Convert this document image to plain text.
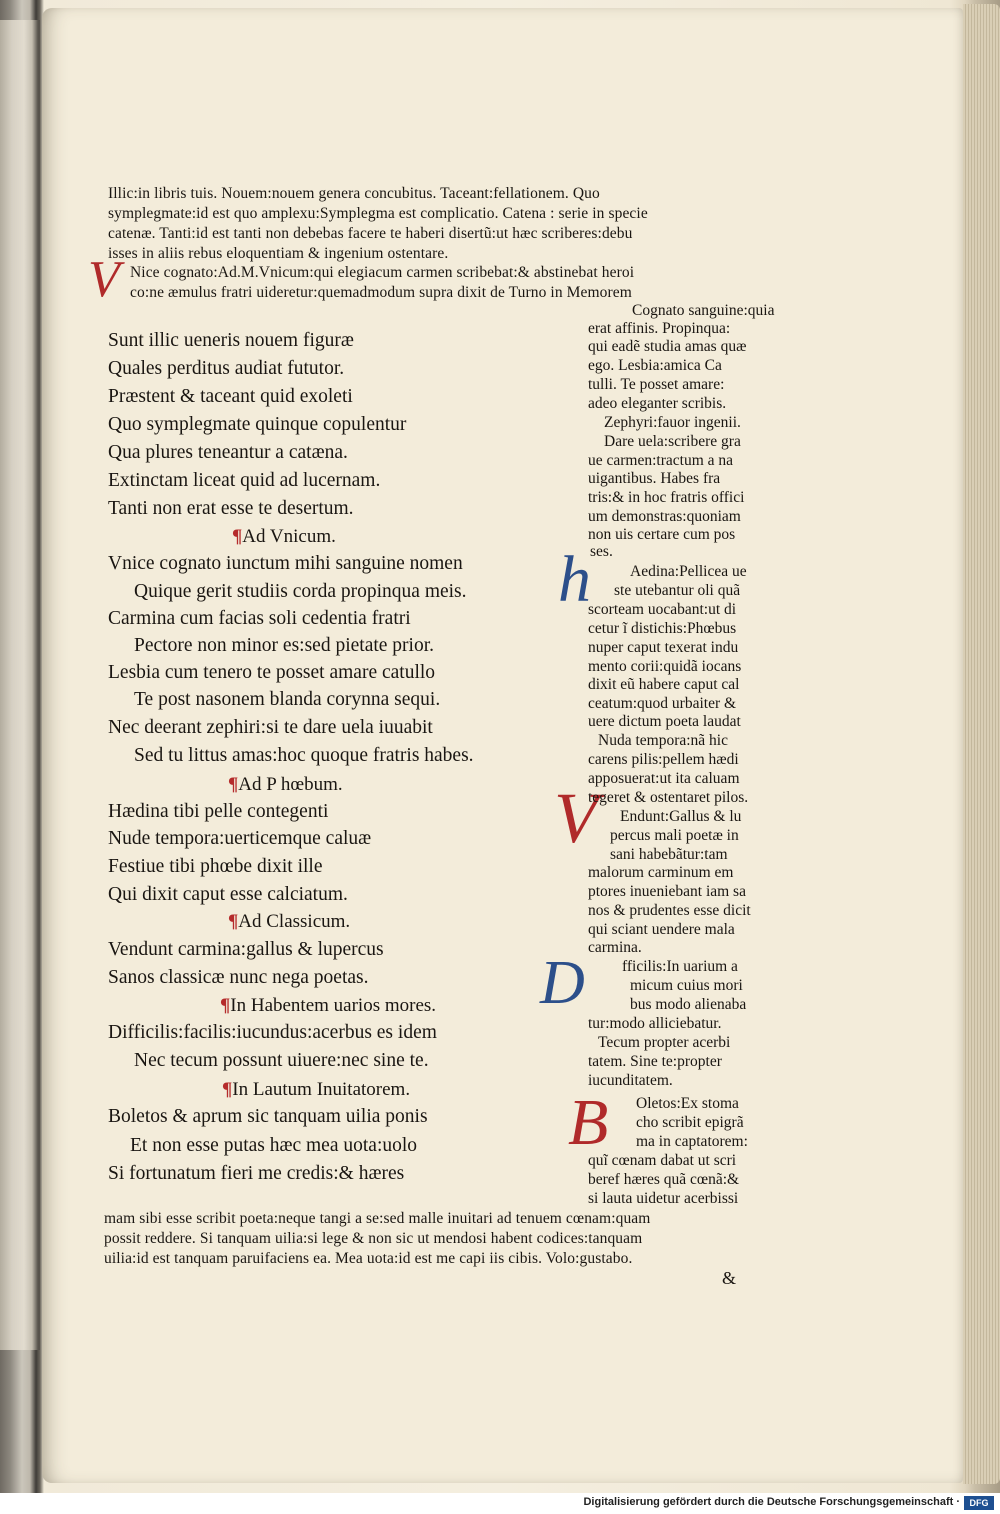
Illic:in libris tuis. Nouem:nouem genera concubitus. Taceant:fellationem. Quo
symplegmate:id est quo amplexu:Symplegma est complicatio. Catena : serie in specie
catenæ. Tanti:id est tanti non debebas facere te haberi disertũ:ut hæc scriberes:debu
isses in aliis rebus eloquentiam & ingenium ostentare.
Nice cognato:Ad.M.Vnicum:qui elegiacum carmen scribebat:& abstinebat heroi
co:ne æmulus fratri uideretur:quemadmodum supra dixit de Turno in Memorem
V
h
V
D
B
Sunt illic ueneris nouem figuræ
Quales perditus audiat fututor.
Præstent & taceant quid exoleti
Quo symplegmate quinque copulentur
Qua plures teneantur a catæna.
Extinctam liceat quid ad lucernam.
Tanti non erat esse te desertum.
¶Ad Vnicum.
Vnice cognato iunctum mihi sanguine nomen
Quique gerit studiis corda propinqua meis.
Carmina cum facias soli cedentia fratri
Pectore non minor es:sed pietate prior.
Lesbia cum tenero te posset amare catullo
Te post nasonem blanda corynna sequi.
Nec deerant zephiri:si te dare uela iuuabit
Sed tu littus amas:hoc quoque fratris habes.
¶Ad P hœbum.
Hædina tibi pelle contegenti
Nude tempora:uerticemque caluæ
Festiue tibi phœbe dixit ille
Qui dixit caput esse calciatum.
¶Ad Classicum.
Vendunt carmina:gallus & lupercus
Sanos classicæ nunc nega poetas.
¶In Habentem uarios mores.
Difficilis:facilis:iucundus:acerbus es idem
Nec tecum possunt uiuere:nec sine te.
¶In Lautum Inuitatorem.
Boletos & aprum sic tanquam uilia ponis
Et non esse putas hæc mea uota:uolo
Si fortunatum fieri me credis:& hæres
Cognato sanguine:quia
erat affinis. Propinqua:
qui eadẽ studia amas quæ
ego. Lesbia:amica Ca
tulli. Te posset amare:
adeo eleganter scribis.
Zephyri:fauor ingenii.
Dare uela:scribere gra
ue carmen:tractum a na
uigantibus. Habes fra
tris:& in hoc fratris offici
um demonstras:quoniam
non uis certare cum pos
ses.
Aedina:Pellicea ue
ste utebantur oli quã
scorteam uocabant:ut di
cetur ĩ distichis:Phœbus
nuper caput texerat indu
mento corii:quidã iocans
dixit eũ habere caput cal
ceatum:quod urbaiter &
uere dictum poeta laudat
Nuda tempora:nã hic
carens pilis:pellem hædi
apposuerat:ut ita caluam
tegeret & ostentaret pilos.
Endunt:Gallus & lu
percus mali poetæ in
sani habebãtur:tam
malorum carminum em
ptores inueniebant iam sa
nos & prudentes esse dicit
qui sciant uendere mala
carmina.
fficilis:In uarium a
micum cuius mori
bus modo alienaba
tur:modo alliciebatur.
Tecum propter acerbi
tatem. Sine te:propter
iucunditatem.
Oletos:Ex stoma
cho scribit epigrã
ma in captatorem:
quĩ cœnam dabat ut scri
beref hæres quã cœnã:&
si lauta uidetur acerbissi
mam sibi esse scribit poeta:neque tangi a se:sed malle inuitari ad tenuem cœnam:quam
possit reddere. Si tanquam uilia:si lege & non sic ut mendosi habent codices:tanquam
uilia:id est tanquam paruifaciens ea. Mea uota:id est me capi iis cibis. Volo:gustabo.
&
Digitalisierung gefördert durch die Deutsche Forschungsgemeinschaft ·	DFG
